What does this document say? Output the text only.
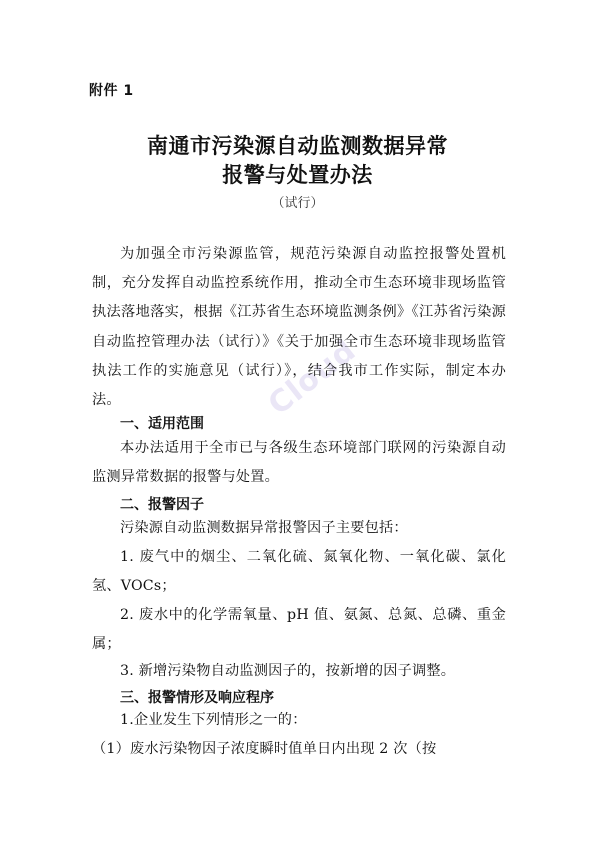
附件 1
南通市污染源自动监测数据异常
报警与处置办法
（试行）
Cloud
为加强全市污染源监管，规范污染源自动监控报警处置机制，充分发挥自动监控系统作用，推动全市生态环境非现场监管执法落地落实，根据《江苏省生态环境监测条例》《江苏省污染源自动监控管理办法（试行）》《关于加强全市生态环境非现场监管执法工作的实施意见（试行）》，结合我市工作实际，制定本办法。
一、适用范围
本办法适用于全市已与各级生态环境部门联网的污染源自动监测异常数据的报警与处置。
二、报警因子
污染源自动监测数据异常报警因子主要包括：
1. 废气中的烟尘、二氧化硫、氮氧化物、一氧化碳、氯化氢、VOCs；
2. 废水中的化学需氧量、pH 值、氨氮、总氮、总磷、重金属；
3. 新增污染物自动监测因子的，按新增的因子调整。
三、报警情形及响应程序
1.企业发生下列情形之一的：
（1）废水污染物因子浓度瞬时值单日内出现 2 次（按
